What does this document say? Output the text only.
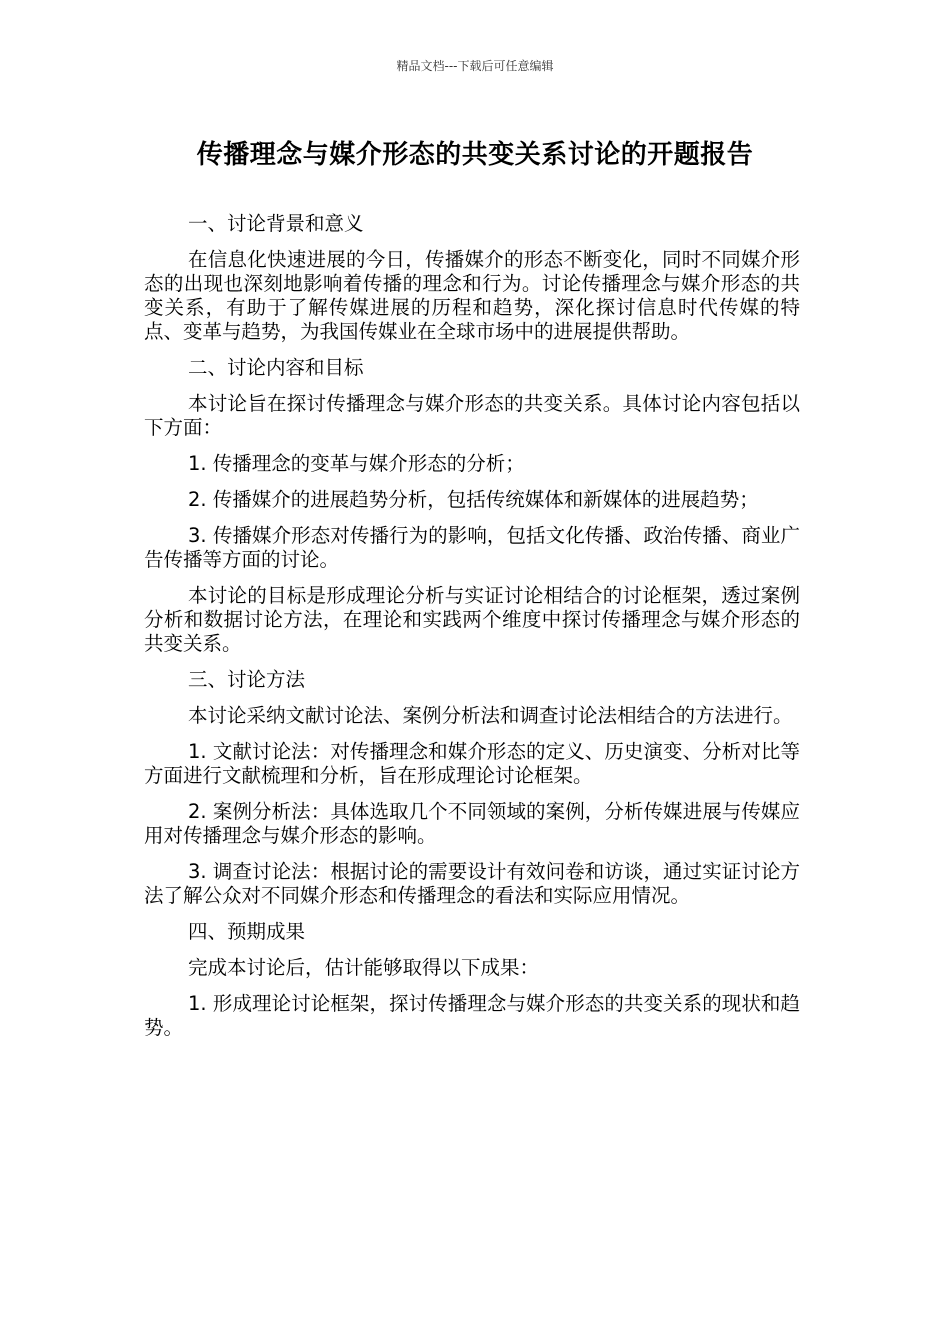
精品文档---下载后可任意编辑
传播理念与媒介形态的共变关系讨论的开题报告

一、讨论背景和意义

在信息化快速进展的今日，传播媒介的形态不断变化，同时不同媒介形态的出现也深刻地影响着传播的理念和行为。讨论传播理念与媒介形态的共变关系，有助于了解传媒进展的历程和趋势，深化探讨信息时代传媒的特点、变革与趋势，为我国传媒业在全球市场中的进展提供帮助。

二、讨论内容和目标

本讨论旨在探讨传播理念与媒介形态的共变关系。具体讨论内容包括以下方面：

1. 传播理念的变革与媒介形态的分析；

2. 传播媒介的进展趋势分析，包括传统媒体和新媒体的进展趋势；

3. 传播媒介形态对传播行为的影响，包括文化传播、政治传播、商业广告传播等方面的讨论。

本讨论的目标是形成理论分析与实证讨论相结合的讨论框架，透过案例分析和数据讨论方法，在理论和实践两个维度中探讨传播理念与媒介形态的共变关系。

三、讨论方法

本讨论采纳文献讨论法、案例分析法和调查讨论法相结合的方法进行。

1. 文献讨论法：对传播理念和媒介形态的定义、历史演变、分析对比等方面进行文献梳理和分析，旨在形成理论讨论框架。

2. 案例分析法：具体选取几个不同领域的案例，分析传媒进展与传媒应用对传播理念与媒介形态的影响。

3. 调查讨论法：根据讨论的需要设计有效问卷和访谈，通过实证讨论方法了解公众对不同媒介形态和传播理念的看法和实际应用情况。

四、预期成果

完成本讨论后，估计能够取得以下成果：

1. 形成理论讨论框架，探讨传播理念与媒介形态的共变关系的现状和趋势。
